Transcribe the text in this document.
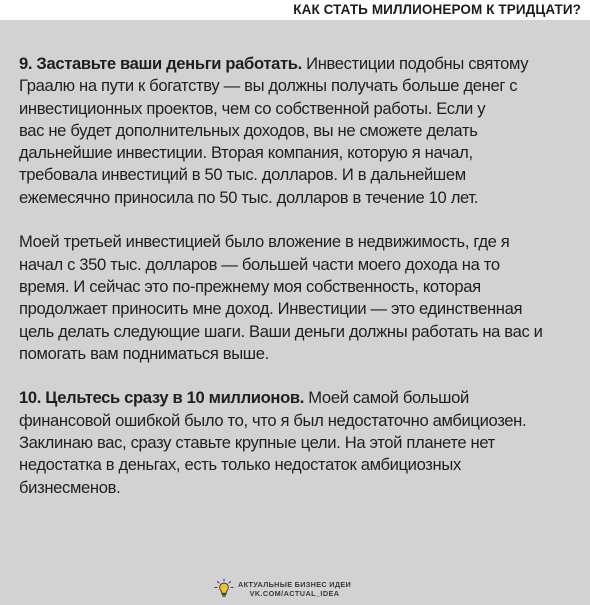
КАК СТАТЬ МИЛЛИОНЕРОМ К ТРИДЦАТИ?

9. Заставьте ваши деньги работать. Инвестиции подобны святому
Граалю на пути к богатству — вы должны получать больше денег с
инвестиционных проектов, чем со собственной работы. Если у
вас не будет дополнительных доходов, вы не сможете делать
дальнейшие инвестиции. Вторая компания, которую я начал,
требовала инвестиций в 50 тыс. долларов. И в дальнейшем
ежемесячно приносила по 50 тыс. долларов в течение 10 лет.

Моей третьей инвестицией было вложение в недвижимость, где я
начал с 350 тыс. долларов — большей части моего дохода на то
время. И сейчас это по-прежнему моя собственность, которая
продолжает приносить мне доход. Инвестиции — это единственная
цель делать следующие шаги. Ваши деньги должны работать на вас и
помогать вам подниматься выше.

10. Цельтесь сразу в 10 миллионов. Моей самой большой
финансовой ошибкой было то, что я был недостаточно амбициозен.
Заклинаю вас, сразу ставьте крупные цели. На этой планете нет
недостатка в деньгах, есть только недостаток амбициозных
бизнесменов.

АКТУАЛЬНЫЕ БИЗНЕС ИДЕИ
VK.COM/ACTUAL_IDEA
